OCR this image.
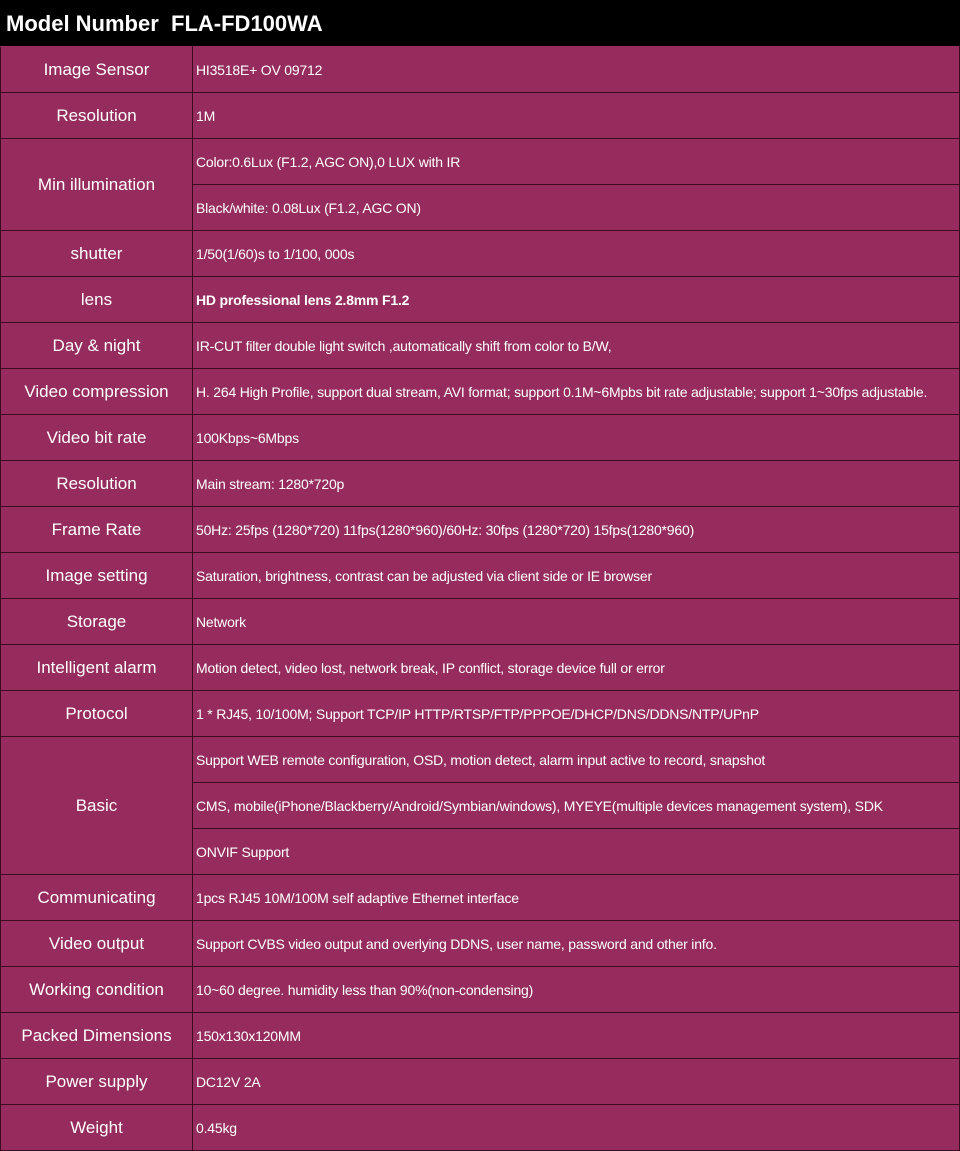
Model Number FLA-FD100WA
Image Sensor	HI3518E+ OV 09712
Resolution	1M
Min illumination	Color:0.6Lux (F1.2, AGC ON),0 LUX with IR
	Black/white: 0.08Lux (F1.2, AGC ON)
shutter	1/50(1/60)s to 1/100, 000s
lens	HD professional lens 2.8mm F1.2
Day & night	IR-CUT filter double light switch ,automatically shift from color to B/W,
Video compression	H. 264 High Profile, support dual stream, AVI format; support 0.1M~6Mpbs bit rate adjustable; support 1~30fps adjustable.
Video bit rate	100Kbps~6Mbps
Resolution	Main stream: 1280*720p
Frame Rate	50Hz: 25fps (1280*720) 11fps(1280*960)/60Hz: 30fps (1280*720) 15fps(1280*960)
Image setting	Saturation, brightness, contrast can be adjusted via client side or IE browser
Storage	Network
Intelligent alarm	Motion detect, video lost, network break, IP conflict, storage device full or error
Protocol	1 * RJ45, 10/100M; Support TCP/IP HTTP/RTSP/FTP/PPPOE/DHCP/DNS/DDNS/NTP/UPnP
Basic	Support WEB remote configuration, OSD, motion detect, alarm input active to record, snapshot
	CMS, mobile(iPhone/Blackberry/Android/Symbian/windows), MYEYE(multiple devices management system), SDK
	ONVIF Support
Communicating	1pcs RJ45 10M/100M self adaptive Ethernet interface
Video output	Support CVBS video output and overlying DDNS, user name, password and other info.
Working condition	10~60 degree. humidity less than 90%(non-condensing)
Packed Dimensions	150x130x120MM
Power supply	DC12V 2A
Weight	0.45kg
